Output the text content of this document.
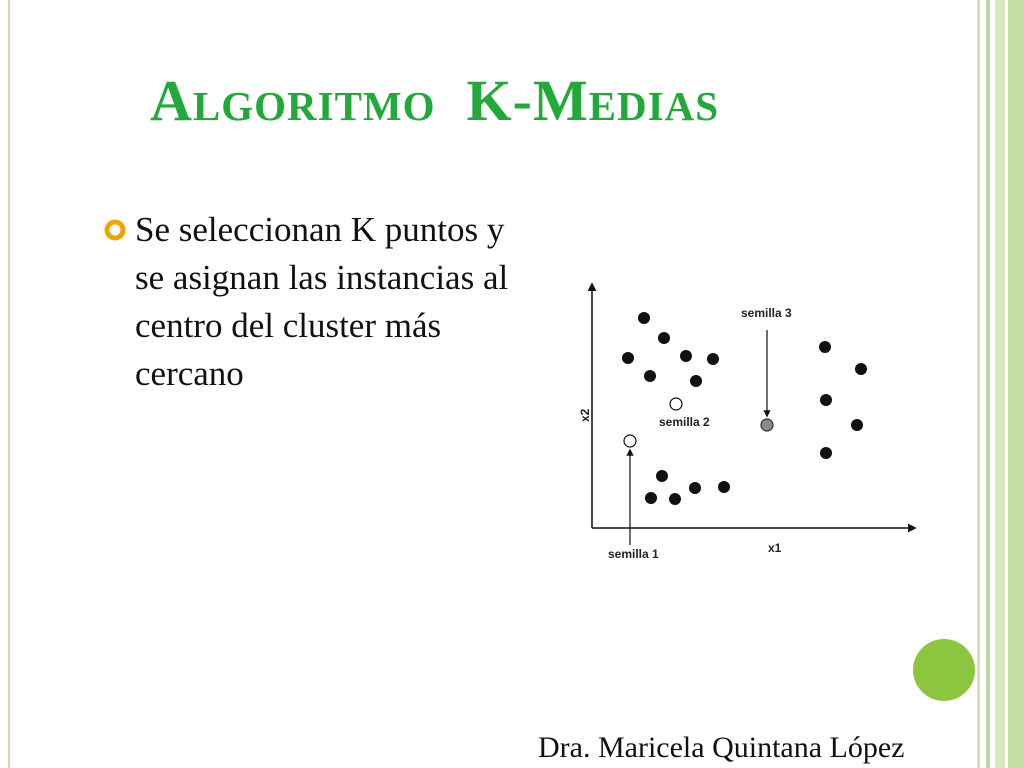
Algoritmo  K-Medias
Se seleccionan K puntos y se asignan las instancias al centro del cluster más cercano
x1
x2
semilla 1
semilla 2
semilla 3
Dra. Maricela Quintana López
